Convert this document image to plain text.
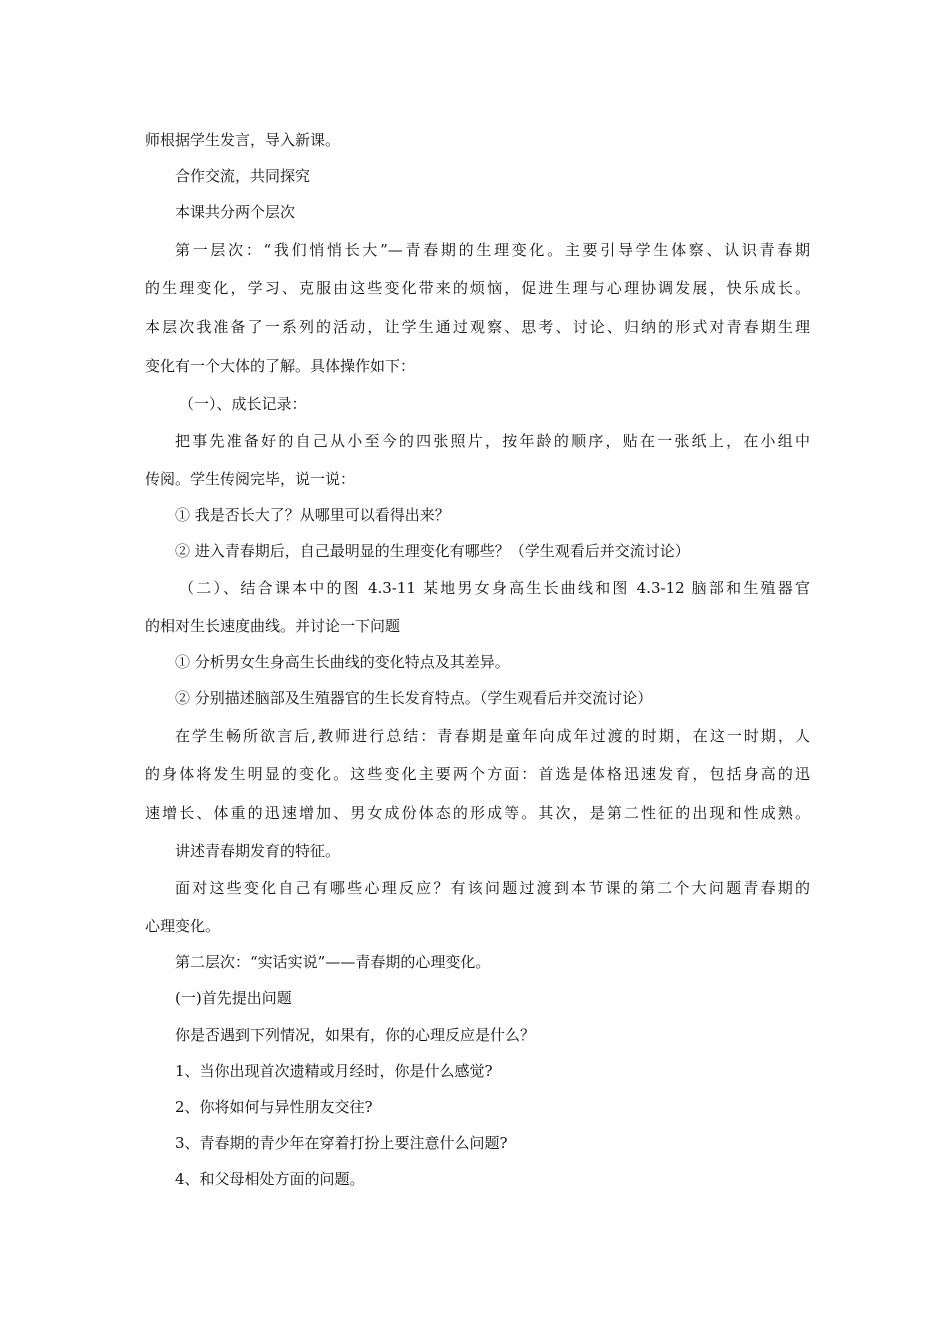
师根据学生发言，导入新课。
合作交流，共同探究
本课共分两个层次
第一层次：“我们悄悄长大”—青春期的生理变化。主要引导学生体察、认识青春期
的生理变化，学习、克服由这些变化带来的烦恼，促进生理与心理协调发展，快乐成长。
本层次我准备了一系列的活动，让学生通过观察、思考、讨论、归纳的形式对青春期生理
变化有一个大体的了解。具体操作如下：
（一）、成长记录：
把事先准备好的自己从小至今的四张照片，按年龄的顺序，贴在一张纸上，在小组中
传阅。学生传阅完毕，说一说：
① 我是否长大了？从哪里可以看得出来？
② 进入青春期后，自己最明显的生理变化有哪些？（学生观看后并交流讨论）
（二）、结合课本中的图 4.3-11 某地男女身高生长曲线和图 4.3-12 脑部和生殖器官
的相对生长速度曲线。并讨论一下问题
① 分析男女生身高生长曲线的变化特点及其差异。
② 分别描述脑部及生殖器官的生长发育特点。（学生观看后并交流讨论）
在学生畅所欲言后,教师进行总结：青春期是童年向成年过渡的时期，在这一时期，人
的身体将发生明显的变化。这些变化主要两个方面：首选是体格迅速发育，包括身高的迅
速增长、体重的迅速增加、男女成份体态的形成等。其次，是第二性征的出现和性成熟。
讲述青春期发育的特征。
面对这些变化自己有哪些心理反应？有该问题过渡到本节课的第二个大问题青春期的
心理变化。
第二层次：“实话实说”——青春期的心理变化。
(一)首先提出问题
你是否遇到下列情况，如果有，你的心理反应是什么？
1、当你出现首次遗精或月经时，你是什么感觉?
2、你将如何与异性朋友交往?
3、青春期的青少年在穿着打扮上要注意什么问题?
4、和父母相处方面的问题。
